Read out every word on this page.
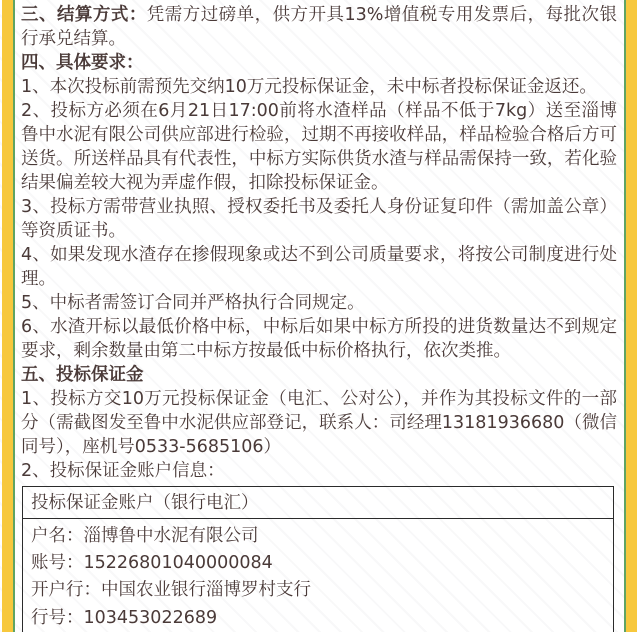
三、结算方式：凭需方过磅单，供方开具13%增值税专用发票后，每批次银行承兑结算。

四、具体要求：

1、本次投标前需预先交纳10万元投标保证金，未中标者投标保证金返还。

2、投标方必须在6月21日17:00前将水渣样品（样品不低于7kg）送至淄博鲁中水泥有限公司供应部进行检验，过期不再接收样品，样品检验合格后方可送货。所送样品具有代表性，中标方实际供货水渣与样品需保持一致，若化验结果偏差较大视为弄虚作假，扣除投标保证金。

3、投标方需带营业执照、授权委托书及委托人身份证复印件（需加盖公章）等资质证书。

4、如果发现水渣存在掺假现象或达不到公司质量要求，将按公司制度进行处理。

5、中标者需签订合同并严格执行合同规定。

6、水渣开标以最低价格中标，中标后如果中标方所投的进货数量达不到规定要求，剩余数量由第二中标方按最低中标价格执行，依次类推。

五、投标保证金

1、投标方交10万元投标保证金（电汇、公对公），并作为其投标文件的一部分（需截图发至鲁中水泥供应部登记，联系人：司经理13181936680（微信同号），座机号0533-5685106）

2、投标保证金账户信息：

投标保证金账户（银行电汇）
户名：淄博鲁中水泥有限公司
账号：15226801040000084
开户行：中国农业银行淄博罗村支行
行号：103453022689
